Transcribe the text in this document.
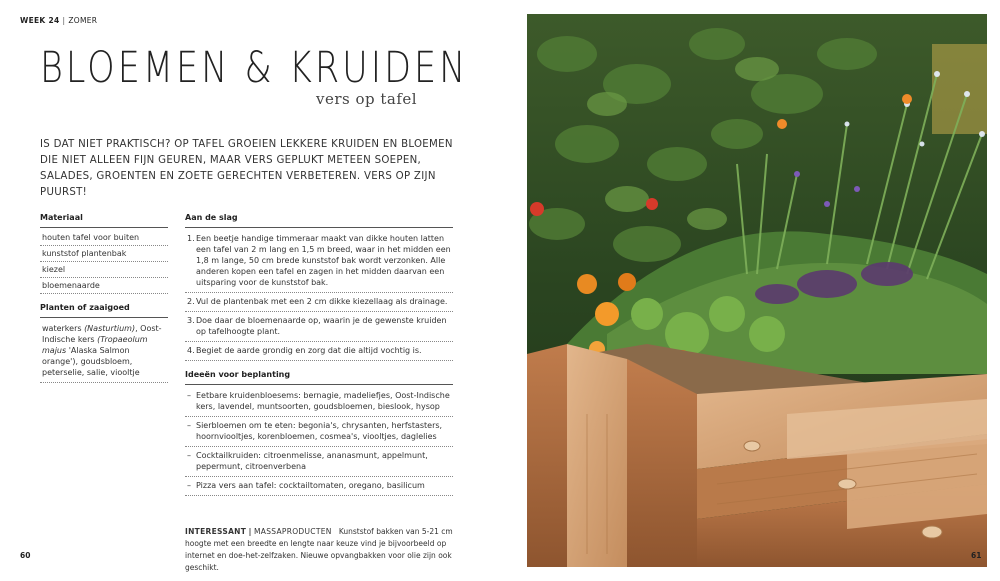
WEEK 24 | ZOMER
BLOEMEN & KRUIDEN
vers op tafel
IS DAT NIET PRAKTISCH? OP TAFEL GROEIEN LEKKERE KRUIDEN EN BLOEMEN DIE NIET ALLEEN FIJN GEUREN, MAAR VERS GEPLUKT METEEN SOEPEN, SALADES, GROENTEN EN ZOETE GERECHTEN VERBETEREN. VERS OP ZIJN PUURST!
Materiaal
houten tafel voor buiten
kunststof plantenbak
kiezel
bloemenaarde
Planten of zaaigoed
waterkers (Nasturtium), Oost-Indische kers (Tropaeolum majus 'Alaska Salmon orange'), goudsbloem, peterselie, salie, viooltje
Aan de slag
1. Een beetje handige timmeraar maakt van dikke houten latten een tafel van 2 m lang en 1,5 m breed, waar in het midden een 1,8 m lange, 50 cm brede kunststof bak wordt verzonken. Alle anderen kopen een tafel en zagen in het midden daarvan een uitsparing voor de kunststof bak.
2. Vul de plantenbak met een 2 cm dikke kiezellaag als drainage.
3. Doe daar de bloemenaarde op, waarin je de gewenste kruiden op tafelhoogte plant.
4. Begiet de aarde grondig en zorg dat die altijd vochtig is.
Ideeën voor beplanting
– Eetbare kruidenbloesems: bernagie, madeliefjes, Oost-Indische kers, lavendel, muntsoorten, goudsbloemen, bieslook, hysop
– Sierbloemen om te eten: begonia's, chrysanten, herfstasters, hoornviooltjes, korenbloemen, cosmea's, viooltjes, daglelies
– Cocktailkruiden: citroenmelisse, ananasmunt, appelmunt, pepermunt, citroenverbena
– Pizza vers aan tafel: cocktailtomaten, oregano, basilicum
INTERESSANT | MASSAPRODUCTEN Kunststof bakken van 5-21 cm hoogte met een breedte en lengte naar keuze vind je bijvoorbeeld op internet en doe-het-zelfzaken. Nieuwe opvangbakken voor olie zijn ook geschikt.
60	61
